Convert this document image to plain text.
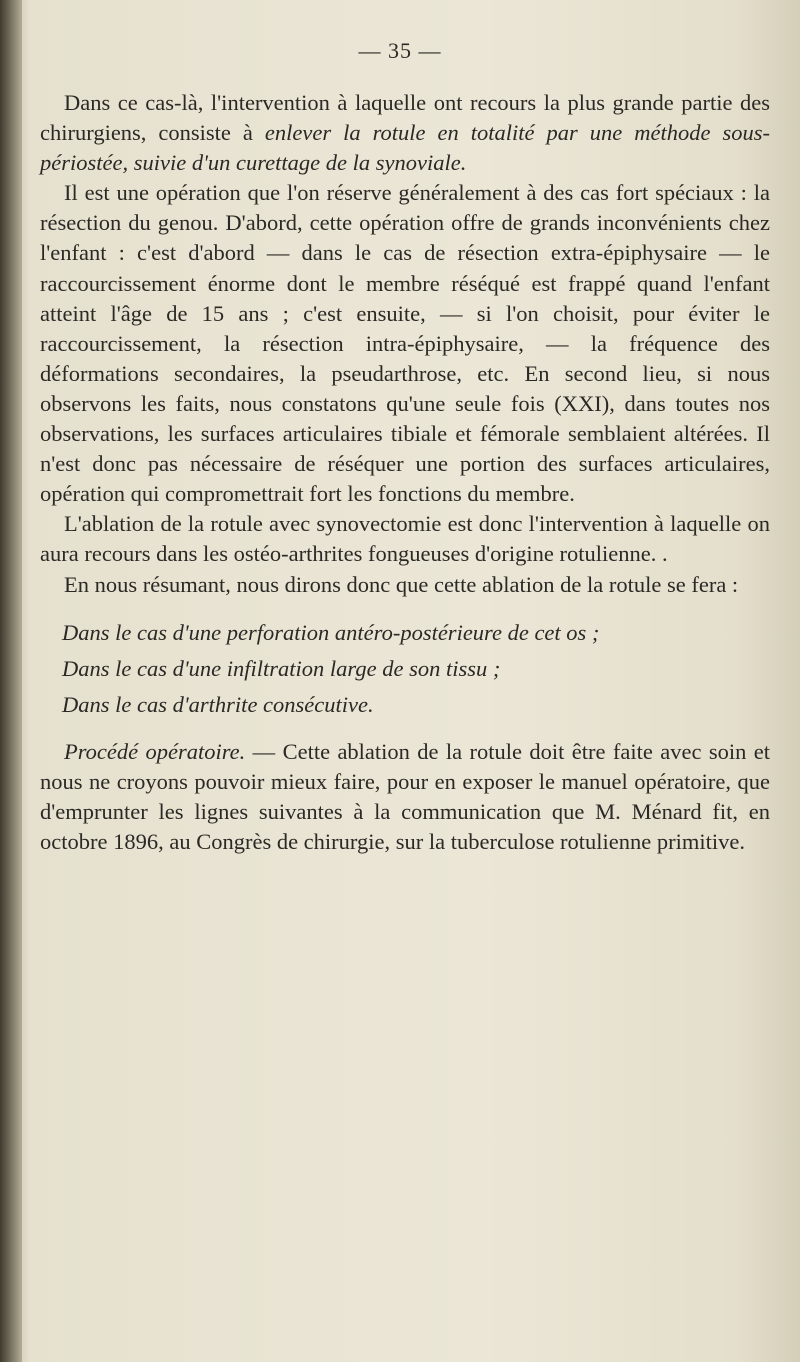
— 35 —

Dans ce cas-là, l'intervention à laquelle ont recours la plus grande partie des chirurgiens, consiste à enlever la rotule en totalité par une méthode sous-périostée, suivie d'un curettage de la synoviale.

Il est une opération que l'on réserve généralement à des cas fort spéciaux : la résection du genou. D'abord, cette opération offre de grands inconvénients chez l'enfant : c'est d'abord — dans le cas de résection extra-épiphysaire — le raccourcissement énorme dont le membre réséqué est frappé quand l'enfant atteint l'âge de 15 ans ; c'est ensuite, — si l'on choisit, pour éviter le raccourcissement, la résection intra-épiphysaire, — la fréquence des déformations secondaires, la pseudarthrose, etc. En second lieu, si nous observons les faits, nous constatons qu'une seule fois (XXI), dans toutes nos observations, les surfaces articulaires tibiale et fémorale semblaient altérées. Il n'est donc pas nécessaire de réséquer une portion des surfaces articulaires, opération qui compromettrait fort les fonctions du membre.

L'ablation de la rotule avec synovectomie est donc l'intervention à laquelle on aura recours dans les ostéo-arthrites fongueuses d'origine rotulienne. .

En nous résumant, nous dirons donc que cette ablation de la rotule se fera :

Dans le cas d'une perforation antéro-postérieure de cet os ;
Dans le cas d'une infiltration large de son tissu ;
Dans le cas d'arthrite consécutive.

Procédé opératoire. — Cette ablation de la rotule doit être faite avec soin et nous ne croyons pouvoir mieux faire, pour en exposer le manuel opératoire, que d'emprunter les lignes suivantes à la communication que M. Ménard fit, en octobre 1896, au Congrès de chirurgie, sur la tuberculose rotulienne primitive.
